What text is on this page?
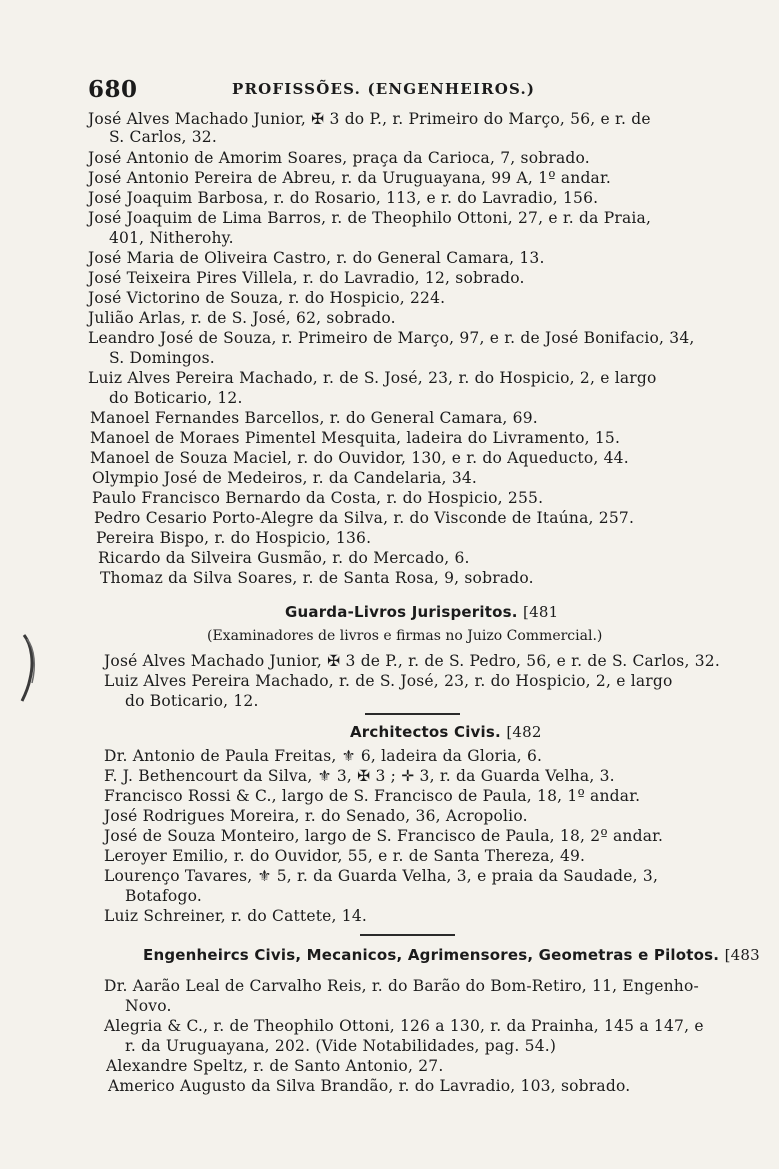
680	PROFISSÕES. (ENGENHEIROS.)
José Alves Machado Junior, ✠ 3 do P., r. Primeiro do Março, 56, e r. de
S. Carlos, 32.
José Antonio de Amorim Soares, praça da Carioca, 7, sobrado.
José Antonio Pereira de Abreu, r. da Uruguayana, 99 A, 1º andar.
José Joaquim Barbosa, r. do Rosario, 113, e r. do Lavradio, 156.
José Joaquim de Lima Barros, r. de Theophilo Ottoni, 27, e r. da Praia,
401, Nitherohy.
José Maria de Oliveira Castro, r. do General Camara, 13.
José Teixeira Pires Villela, r. do Lavradio, 12, sobrado.
José Victorino de Souza, r. do Hospicio, 224.
Julião Arlas, r. de S. José, 62, sobrado.
Leandro José de Souza, r. Primeiro de Março, 97, e r. de José Bonifacio, 34,
S. Domingos.
Luiz Alves Pereira Machado, r. de S. José, 23, r. do Hospicio, 2, e largo
do Boticario, 12.
Manoel Fernandes Barcellos, r. do General Camara, 69.
Manoel de Moraes Pimentel Mesquita, ladeira do Livramento, 15.
Manoel de Souza Maciel, r. do Ouvidor, 130, e r. do Aqueducto, 44.
Olympio José de Medeiros, r. da Candelaria, 34.
Paulo Francisco Bernardo da Costa, r. do Hospicio, 255.
Pedro Cesario Porto-Alegre da Silva, r. do Visconde de Itaúna, 257.
Pereira Bispo, r. do Hospicio, 136.
Ricardo da Silveira Gusmão, r. do Mercado, 6.
Thomaz da Silva Soares, r. de Santa Rosa, 9, sobrado.
Guarda-Livros Jurisperitos. [481
(Examinadores de livros e firmas no Juizo Commercial.)
José Alves Machado Junior, ✠ 3 de P., r. de S. Pedro, 56, e r. de S. Carlos, 32.
Luiz Alves Pereira Machado, r. de S. José, 23, r. do Hospicio, 2, e largo
do Boticario, 12.
Architectos Civis. [482
Dr. Antonio de Paula Freitas, ⚜ 6, ladeira da Gloria, 6.
F. J. Bethencourt da Silva, ⚜ 3, ✠ 3 ; ✛ 3, r. da Guarda Velha, 3.
Francisco Rossi & C., largo de S. Francisco de Paula, 18, 1º andar.
José Rodrigues Moreira, r. do Senado, 36, Acropolio.
José de Souza Monteiro, largo de S. Francisco de Paula, 18, 2º andar.
Leroyer Emilio, r. do Ouvidor, 55, e r. de Santa Thereza, 49.
Lourenço Tavares, ⚜ 5, r. da Guarda Velha, 3, e praia da Saudade, 3,
Botafogo.
Luiz Schreiner, r. do Cattete, 14.
Engenheircs Civis, Mecanicos, Agrimensores, Geometras e Pilotos. [483
Dr. Aarão Leal de Carvalho Reis, r. do Barão do Bom-Retiro, 11, Engenho-
Novo.
Alegria & C., r. de Theophilo Ottoni, 126 a 130, r. da Prainha, 145 a 147, e
r. da Uruguayana, 202. (Vide Notabilidades, pag. 54.)
Alexandre Speltz, r. de Santo Antonio, 27.
Americo Augusto da Silva Brandão, r. do Lavradio, 103, sobrado.
